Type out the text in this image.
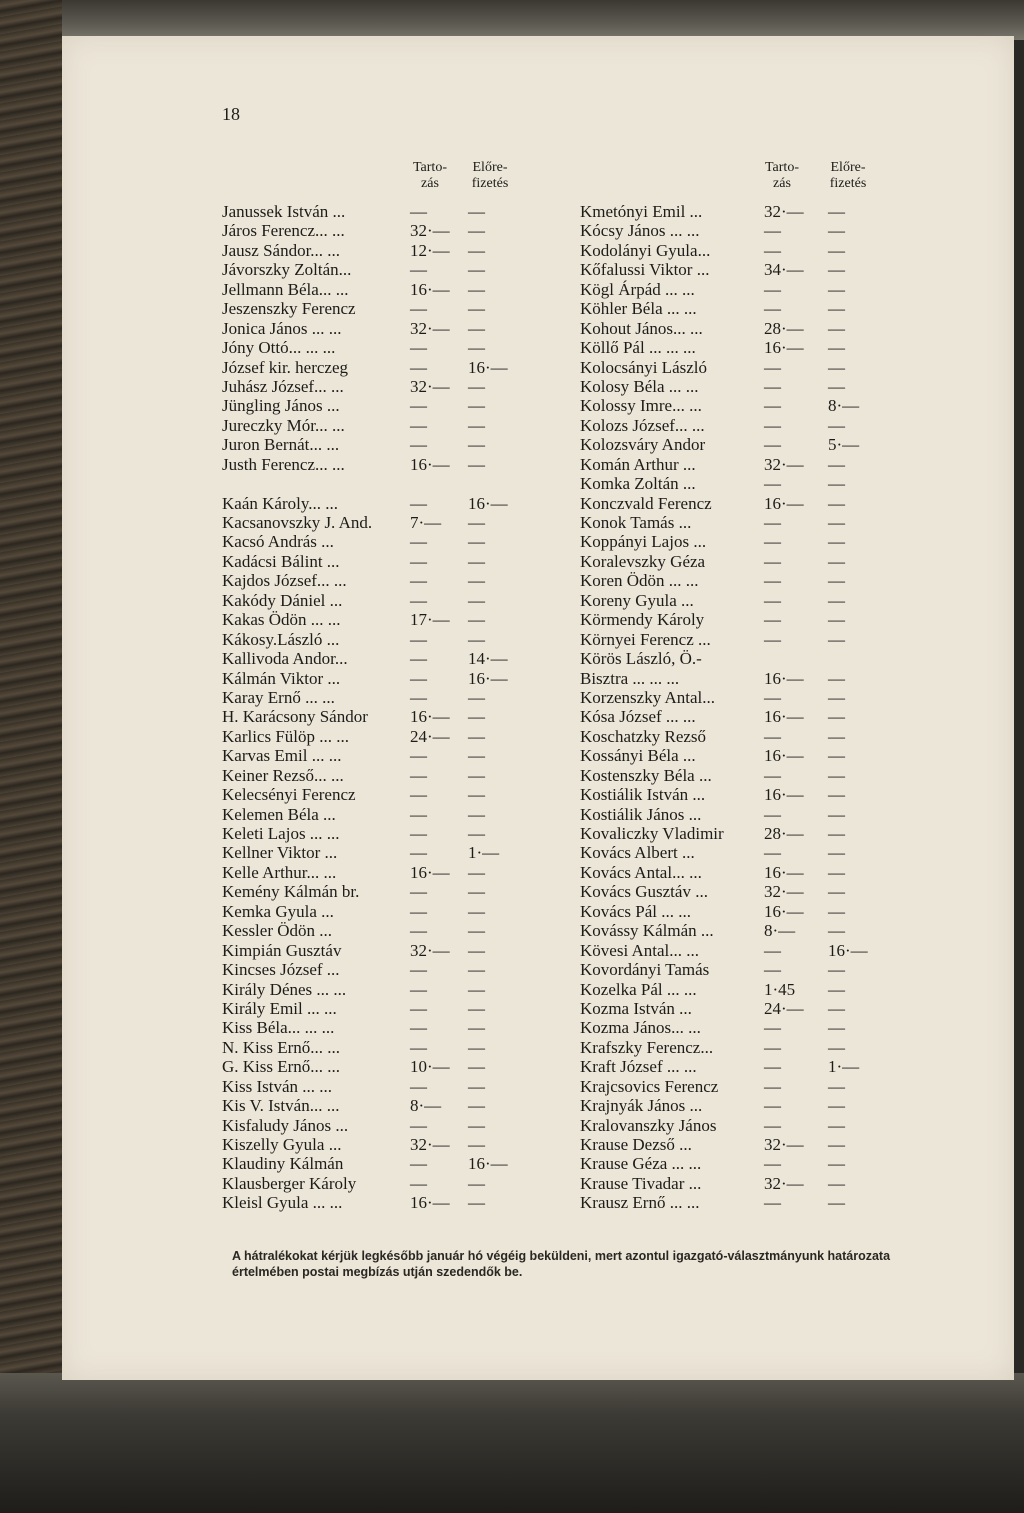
18
Tarto-
zás
Előre-
fizetés
Tarto-
zás
Előre-
fizetés
Janussek István ...	— —
Járos Ferencz... ...	32·— —
Jausz Sándor... ...	12·— —
Jávorszky Zoltán...	— —
Jellmann Béla... ...	16·— —
Jeszenszky Ferencz	— —
Jonica János ... ...	32·— —
Jóny Ottó... ... ...	— —
József kir. herczeg	— 16·—
Juhász József... ...	32·— —
Jüngling János ...	— —
Jureczky Mór... ...	— —
Juron Bernát... ...	— —
Justh Ferencz... ...	16·— —
Kaán Károly... ...	— 16·—
Kacsanovszky J. And. 7·— —
Kacsó András ...	— —
Kadácsi Bálint ...	— —
Kajdos József... ...	— —
Kakódy Dániel ...	— —
Kakas Ödön ... ...	17·— —
Kákosy.László ...	— —
Kallivoda Andor...	— 14·—
Kálmán Viktor ...	— 16·—
Karay Ernő ... ...	— —
H. Karácsony Sándor 16·— —
Karlics Fülöp ... ...	24·— —
Karvas Emil ... ...	— —
Keiner Rezső... ...	— —
Kelecsényi Ferencz	— —
Kelemen Béla ...	— —
Keleti Lajos ... ...	— —
Kellner Viktor ...	— 1·—
Kelle Arthur... ...	16·— —
Kemény Kálmán br.	— —
Kemka Gyula ...	— —
Kessler Ödön ...	— —
Kimpián Gusztáv	32·— —
Kincses József ...	— —
Király Dénes ... ...	— —
Király Emil ... ...	— —
Kiss Béla... ... ...	— —
N. Kiss Ernő... ...	— —
G. Kiss Ernő... ...	10·— —
Kiss István ... ...	— —
Kis V. István... ...	8·— —
Kisfaludy János ...	— —
Kiszelly Gyula ...	32·— —
Klaudiny Kálmán	— 16·—
Klausberger Károly	— —
Kleisl Gyula ... ...	16·— —
Kmetónyi Emil ...	32·— —
Kócsy János ... ...	—	—
Kodolányi Gyula...	—	—
Kőfalussi Viktor ...	34·— —
Kögl Árpád ... ...	—	—
Köhler Béla ... ...	—	—
Kohout János... ...	28·— —
Köllő Pál ... ... ...	16·— —
Kolocsányi László	—	—
Kolosy Béla ... ...	—	—
Kolossy Imre... ...	—	8·—
Kolozs József... ...	—	—
Kolozsváry Andor	—	5·—
Komán Arthur ...	32·— —
Komka Zoltán ...	—	—
Konczvald Ferencz	16·— —
Konok Tamás ...	—	—
Koppányi Lajos ...	—	—
Koralevszky Géza	—	—
Koren Ödön ... ...	—	—
Koreny Gyula ...	—	—
Körmendy Károly	—	—
Környei Ferencz ...	—	—
Körös László, Ö.-
Bisztra ... ... ...	16·— —
Korzenszky Antal...	—	—
Kósa József ... ...	16·— —
Koschatzky Rezső	—	—
Kossányi Béla ...	16·— —
Kostenszky Béla ...	—	—
Kostiálik István ...	16·— —
Kostiálik János ...	—	—
Kovaliczky Vladimir 28·— —
Kovács Albert ...	—	—
Kovács Antal... ...	16·— —
Kovács Gusztáv ...	32·— —
Kovács Pál ... ...	16·— —
Kovássy Kálmán ...	8·— —
Kövesi Antal... ...	—	16·—
Kovordányi Tamás	—	—
Kozelka Pál ... ...	1·45 —
Kozma István ...	24·— —
Kozma János... ...	—	—
Krafszky Ferencz...	—	—
Kraft József ... ...	—	1·—
Krajcsovics Ferencz	—	—
Krajnyák János ...	—	—
Kralovanszky János	—	—
Krause Dezső ...	32·— —
Krause Géza ... ...	—	—
Krause Tivadar ...	32·— —
Krausz Ernő ... ...	—	—
A hátralékokat kérjük legkésőbb január hó végéig beküldeni, mert azontul igazgató-választmányunk határozata értelmében postai megbízás utján szedendők be.
